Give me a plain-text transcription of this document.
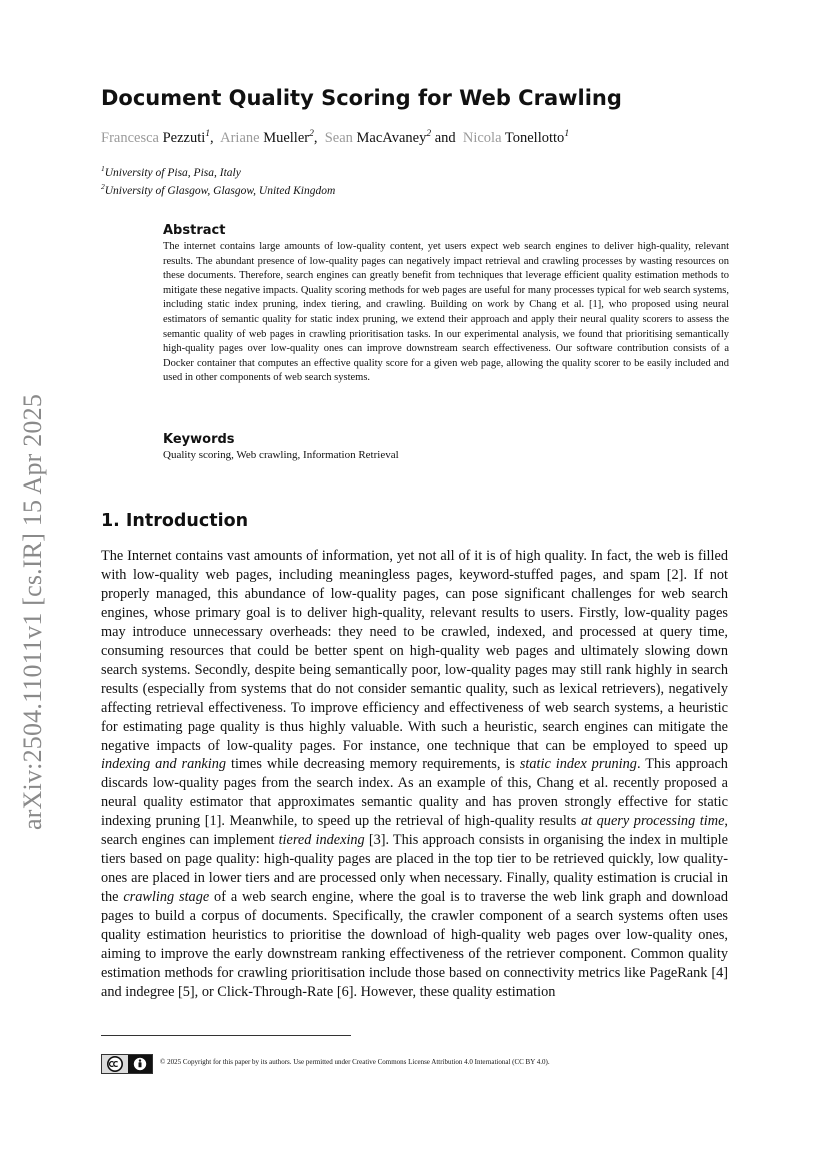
arXiv:2504.11011v1 [cs.IR] 15 Apr 2025
Document Quality Scoring for Web Crawling
Francesca Pezzuti$^1$, Ariane Mueller$^2$, Sean MacAvaney$^2$ and Nicola Tonellotto$^1$
$^1$University of Pisa, Pisa, Italy
$^2$University of Glasgow, Glasgow, United Kingdom
Abstract

The internet contains large amounts of low-quality content, yet users expect web search engines to deliver high-quality, relevant results. The abundant presence of low-quality pages can negatively impact retrieval and crawling processes by wasting resources on these documents. Therefore, search engines can greatly benefit from techniques that leverage efficient quality estimation methods to mitigate these negative impacts. Quality scoring methods for web pages are useful for many processes typical for web search systems, including static index pruning, index tiering, and crawling. Building on work by Chang et al. [1], who proposed using neural estimators of semantic quality for static index pruning, we extend their approach and apply their neural quality scorers to assess the semantic quality of web pages in crawling prioritisation tasks. In our experimental analysis, we found that prioritising semantically high-quality pages over low-quality ones can improve downstream search effectiveness. Our software contribution consists of a Docker container that computes an effective quality score for a given web page, allowing the quality scorer to be easily included and used in other components of web search systems.

Keywords

Quality scoring, Web crawling, Information Retrieval

1. Introduction

The Internet contains vast amounts of information, yet not all of it is of high quality. In fact, the web is filled with low-quality web pages, including meaningless pages, keyword-stuffed pages, and spam [2]. If not properly managed, this abundance of low-quality pages, can pose significant challenges for web search engines, whose primary goal is to deliver high-quality, relevant results to users. Firstly, low-quality pages may introduce unnecessary overheads: they need to be crawled, indexed, and processed at query time, consuming resources that could be better spent on high-quality web pages and ultimately slowing down search systems. Secondly, despite being semantically poor, low-quality pages may still rank highly in search results (especially from systems that do not consider semantic quality, such as lexical retrievers), negatively affecting retrieval effectiveness. To improve efficiency and effectiveness of web search systems, a heuristic for estimating page quality is thus highly valuable. With such a heuristic, search engines can mitigate the negative impacts of low-quality pages. For instance, one technique that can be employed to speed up indexing and ranking times while decreasing memory requirements, is static index pruning. This approach discards low-quality pages from the search index. As an example of this, Chang et al. recently proposed a neural quality estimator that approximates semantic quality and has proven strongly effective for static indexing pruning [1]. Meanwhile, to speed up the retrieval of high-quality results at query processing time, search engines can implement tiered indexing [3]. This approach consists in organising the index in multiple tiers based on page quality: high-quality pages are placed in the top tier to be retrieved quickly, low quality-ones are placed in lower tiers and are processed only when necessary. Finally, quality estimation is crucial in the crawling stage of a web search engine, where the goal is to traverse the web link graph and download pages to build a corpus of documents. Specifically, the crawler component of a search systems often uses quality estimation heuristics to prioritise the download of high-quality web pages over low-quality ones, aiming to improve the early downstream ranking effectiveness of the retriever component. Common quality estimation methods for crawling prioritisation include those based on connectivity metrics like PageRank [4] and indegree [5], or Click-Through-Rate [6]. However, these quality estimation

© 2025 Copyright for this paper by its authors. Use permitted under Creative Commons License Attribution 4.0 International (CC BY 4.0).
